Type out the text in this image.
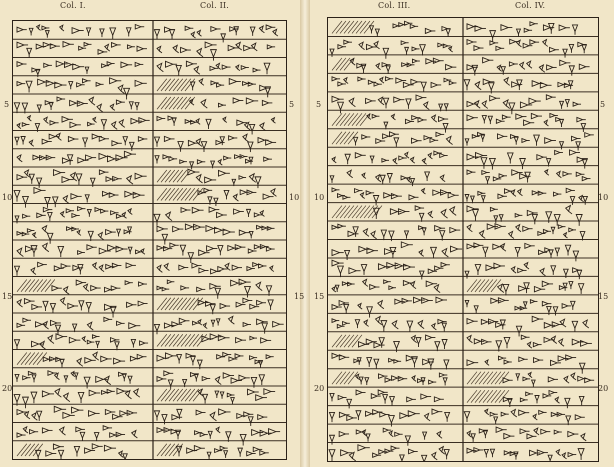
Col. I.	Col. II.	Col. III.	Col. IV.
5
10
15
20
5
10
15
5
10
15
20
5
10
15
20
